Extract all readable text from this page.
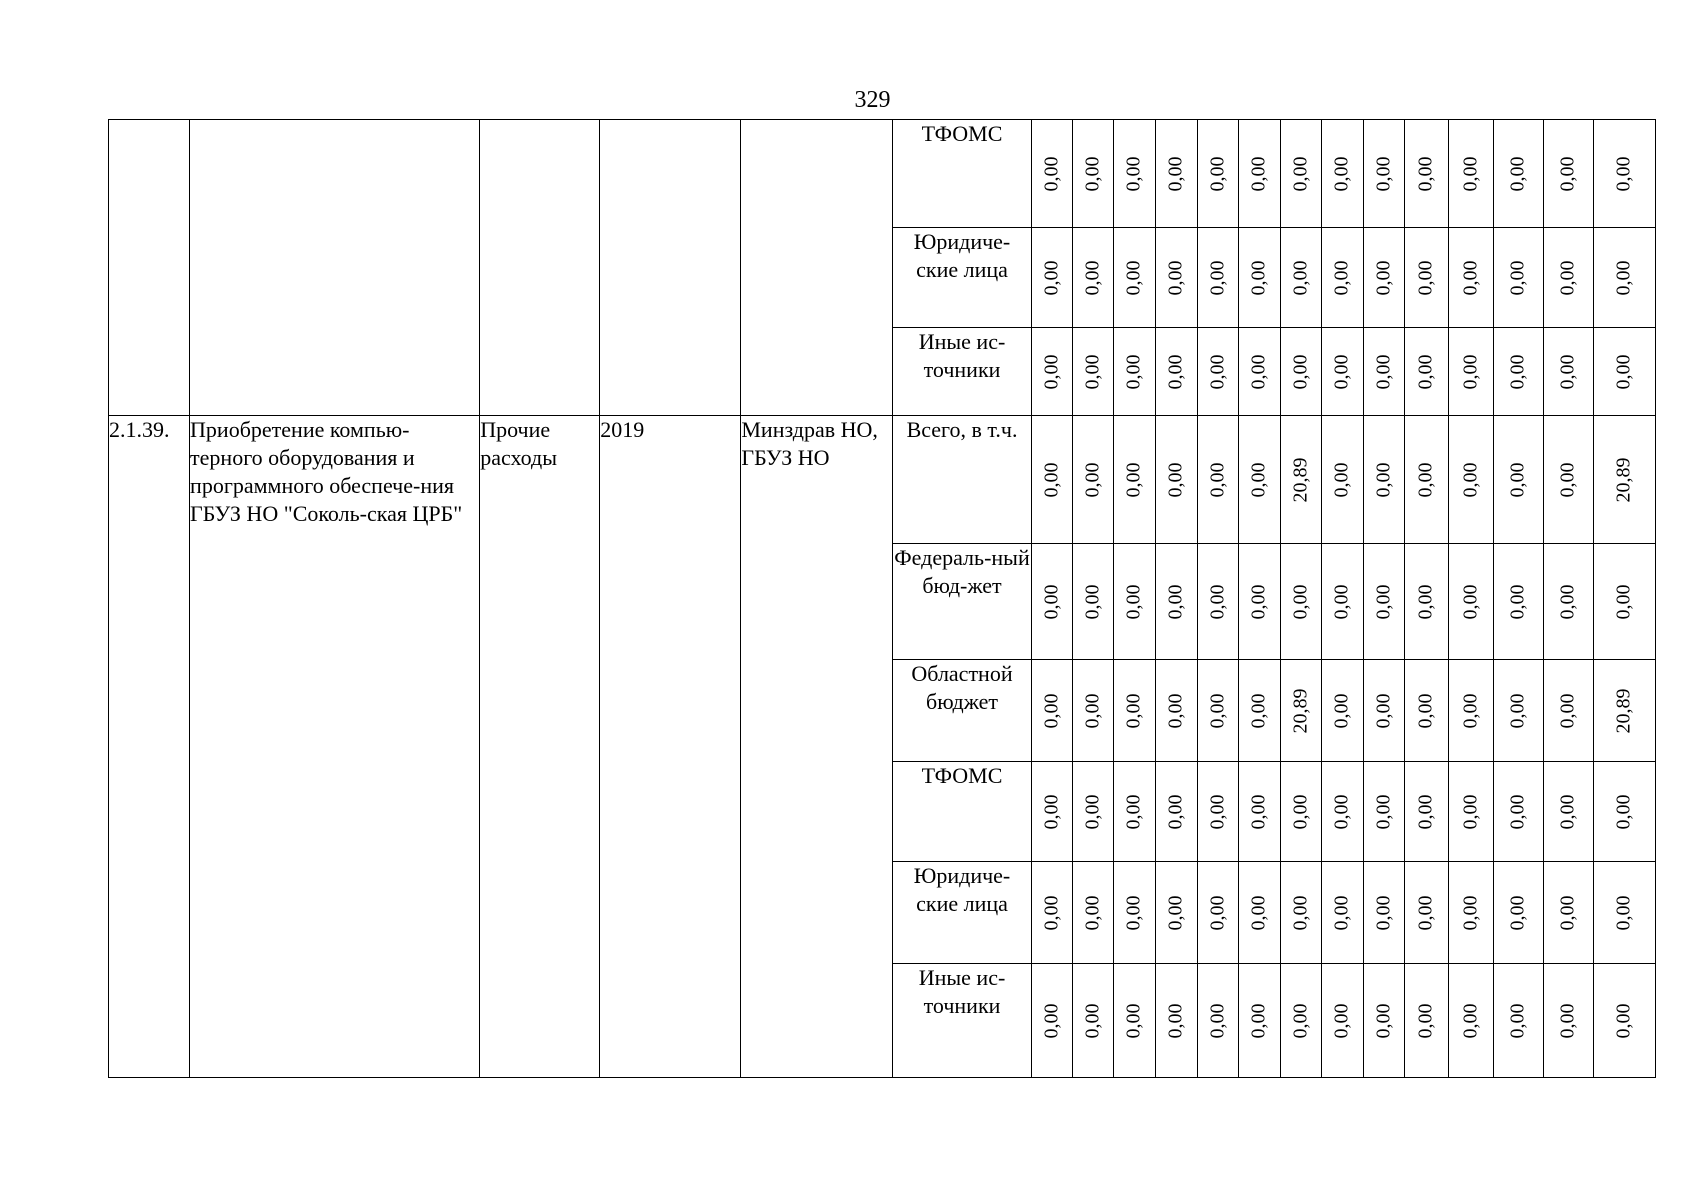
329
					ТФОМС	0,00	0,00	0,00	0,00	0,00	0,00	0,00	0,00	0,00	0,00	0,00	0,00	0,00	0,00

					Юридиче-ские лица	0,00	0,00	0,00	0,00	0,00	0,00	0,00	0,00	0,00	0,00	0,00	0,00	0,00	0,00

					Иные ис-точники	0,00	0,00	0,00	0,00	0,00	0,00	0,00	0,00	0,00	0,00	0,00	0,00	0,00	0,00

2.1.39.	Приобретение компью-терного оборудования и программного обеспече-ния ГБУЗ НО "Соколь-ская ЦРБ"	Прочие расходы	2019	Минздрав НО, ГБУЗ НО	Всего, в т.ч.	0,00	0,00	0,00	0,00	0,00	0,00	20,89	0,00	0,00	0,00	0,00	0,00	0,00	20,89

					Федераль-ный бюд-жет	0,00	0,00	0,00	0,00	0,00	0,00	0,00	0,00	0,00	0,00	0,00	0,00	0,00	0,00

					Областной бюджет	0,00	0,00	0,00	0,00	0,00	0,00	20,89	0,00	0,00	0,00	0,00	0,00	0,00	20,89

					ТФОМС	0,00	0,00	0,00	0,00	0,00	0,00	0,00	0,00	0,00	0,00	0,00	0,00	0,00	0,00

					Юридиче-ские лица	0,00	0,00	0,00	0,00	0,00	0,00	0,00	0,00	0,00	0,00	0,00	0,00	0,00	0,00

					Иные ис-точники	0,00	0,00	0,00	0,00	0,00	0,00	0,00	0,00	0,00	0,00	0,00	0,00	0,00	0,00
